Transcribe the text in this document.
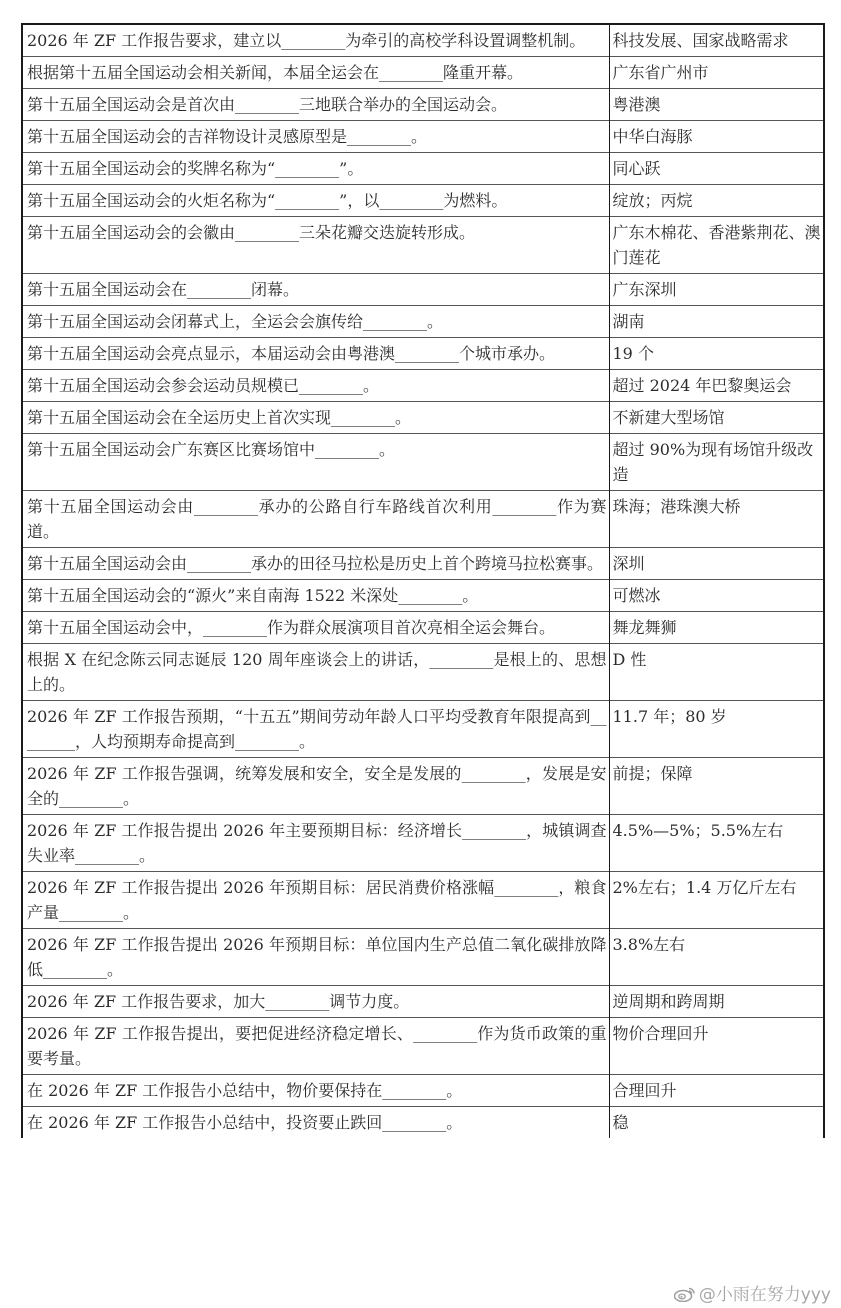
2026 年 ZF 工作报告要求，建立以________为牵引的高校学科设置调整机制。	科技发展、国家战略需求
根据第十五届全国运动会相关新闻，本届全运会在________隆重开幕。	广东省广州市
第十五届全国运动会是首次由________三地联合举办的全国运动会。	粤港澳
第十五届全国运动会的吉祥物设计灵感原型是________。	中华白海豚
第十五届全国运动会的奖牌名称为“________”。	同心跃
第十五届全国运动会的火炬名称为“________”，以________为燃料。	绽放；丙烷
第十五届全国运动会的会徽由________三朵花瓣交迭旋转形成。	广东木棉花、香港紫荆花、澳门莲花
第十五届全国运动会在________闭幕。	广东深圳
第十五届全国运动会闭幕式上，全运会会旗传给________。	湖南
第十五届全国运动会亮点显示，本届运动会由粤港澳________个城市承办。	19 个
第十五届全国运动会参会运动员规模已________。	超过 2024 年巴黎奥运会
第十五届全国运动会在全运历史上首次实现________。	不新建大型场馆
第十五届全国运动会广东赛区比赛场馆中________。	超过 90%为现有场馆升级改造
第十五届全国运动会由________承办的公路自行车路线首次利用________作为赛道。	珠海；港珠澳大桥
第十五届全国运动会由________承办的田径马拉松是历史上首个跨境马拉松赛事。	深圳
第十五届全国运动会的“源火”来自南海 1522 米深处________。	可燃冰
第十五届全国运动会中，________作为群众展演项目首次亮相全运会舞台。	舞龙舞狮
根据 X 在纪念陈云同志诞辰 120 周年座谈会上的讲话，________是根上的、思想上的。	D 性
2026 年 ZF 工作报告预期，“十五五”期间劳动年龄人口平均受教育年限提高到________，人均预期寿命提高到________。	11.7 年；80 岁
2026 年 ZF 工作报告强调，统筹发展和安全，安全是发展的________，发展是安全的________。	前提；保障
2026 年 ZF 工作报告提出 2026 年主要预期目标：经济增长________，城镇调查失业率________。	4.5%—5%；5.5%左右
2026 年 ZF 工作报告提出 2026 年预期目标：居民消费价格涨幅________，粮食产量________。	2%左右；1.4 万亿斤左右
2026 年 ZF 工作报告提出 2026 年预期目标：单位国内生产总值二氧化碳排放降低________。	3.8%左右
2026 年 ZF 工作报告要求，加大________调节力度。	逆周期和跨周期
2026 年 ZF 工作报告提出，要把促进经济稳定增长、________作为货币政策的重要考量。	物价合理回升
在 2026 年 ZF 工作报告小总结中，物价要保持在________。	合理回升
在 2026 年 ZF 工作报告小总结中，投资要止跌回________。	稳
@小雨在努力yyy
